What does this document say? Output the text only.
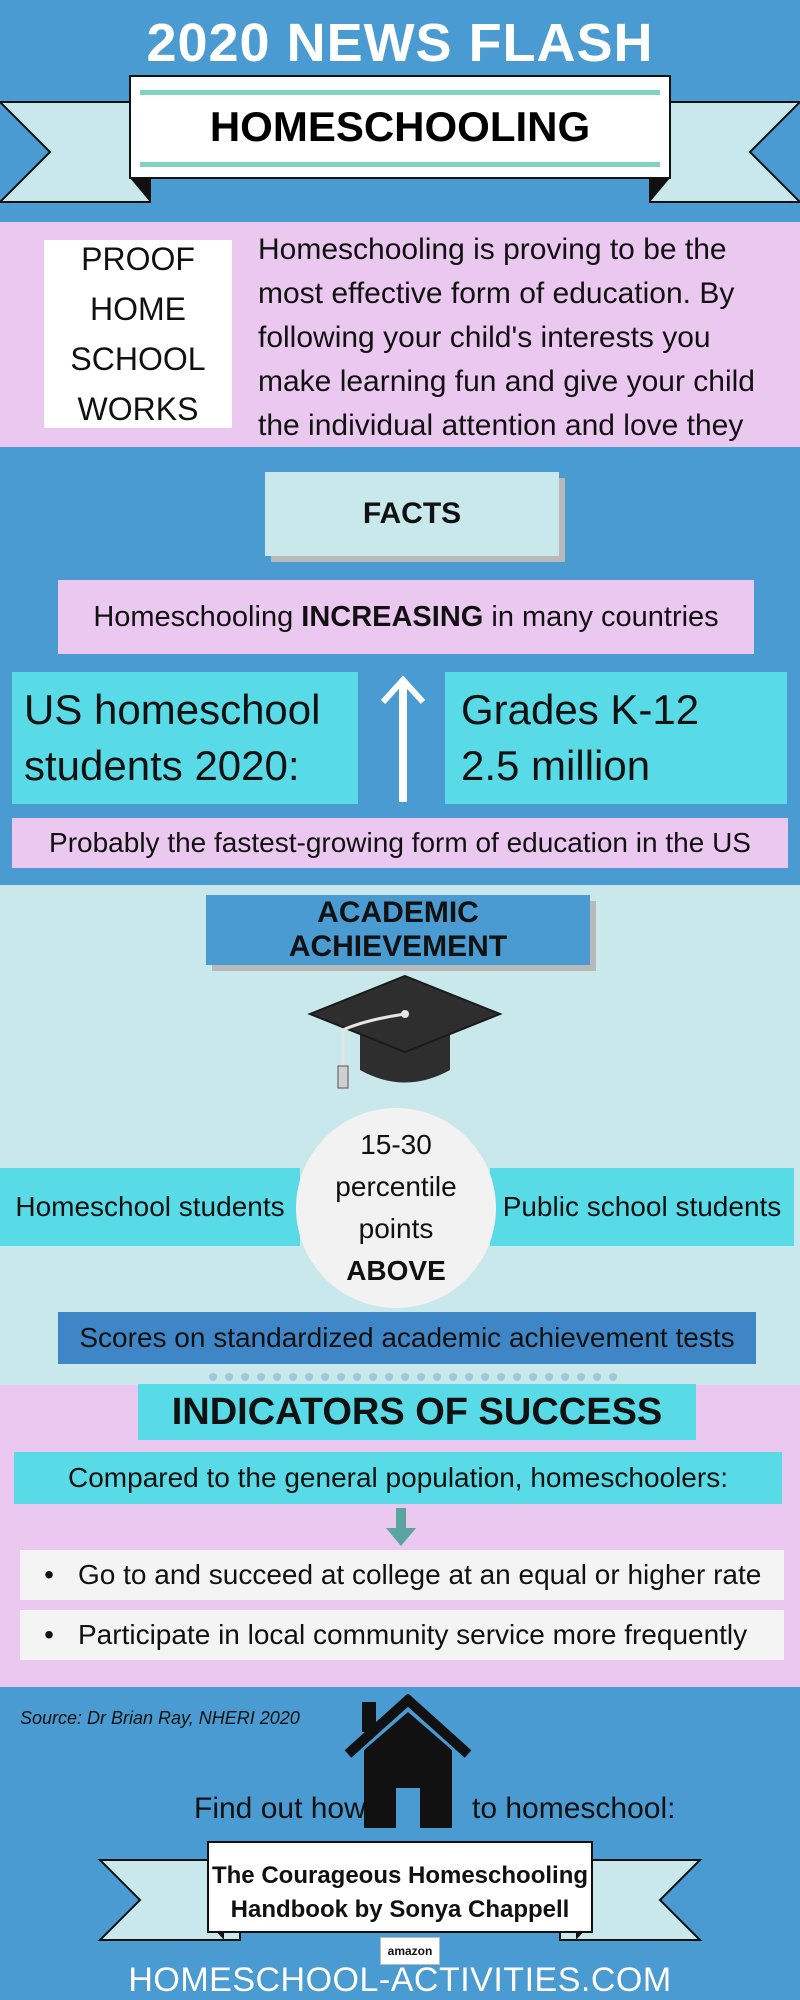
2020 NEWS FLASH
HOMESCHOOLING
PROOF
HOME
SCHOOL
WORKS
Homeschooling is proving to be the most effective form of education. By following your child's interests you make learning fun and give your child the individual attention and love they
FACTS
Homeschooling INCREASING in many countries
US homeschool
students 2020:
Grades K-12
2.5 million
Probably the fastest-growing form of education in the US
ACADEMIC ACHIEVEMENT
Homeschool students	Public school students
15-30
percentile
points
ABOVE
Scores on standardized academic achievement tests
INDICATORS OF SUCCESS
Compared to the general population, homeschoolers:
• Go to and succeed at college at an equal or higher rate
• Participate in local community service more frequently
Source: Dr Brian Ray, NHERI 2020
Find out how	to homeschool:
The Courageous Homeschooling
Handbook by Sonya Chappell
amazon
HOMESCHOOL-ACTIVITIES.COM
